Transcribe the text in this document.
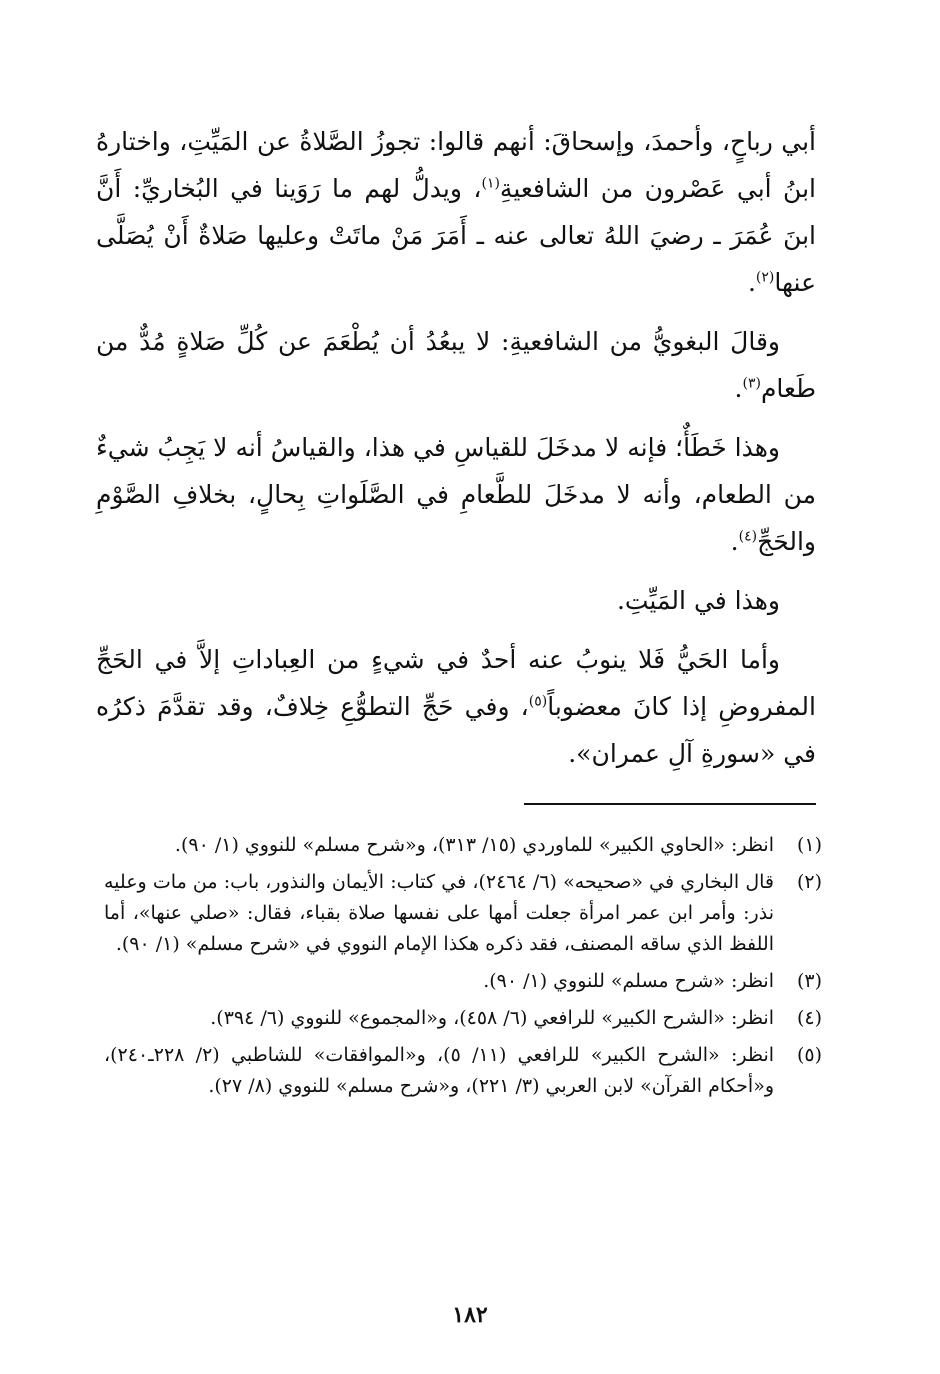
أبي رباحٍ، وأحمدَ، وإسحاقَ: أنهم قالوا: تجوزُ الصَّلاةُ عن المَيِّتِ، واختارهُ ابنُ أبي عَصْرون من الشافعيةِ$^{(١)}$، ويدلُّ لهم ما رَوَينا في البُخاريِّ: أَنَّ ابنَ عُمَرَ ـ رضيَ اللهُ تعالى عنه ـ أَمَرَ مَنْ ماتَتْ وعليها صَلاةٌ أَنْ يُصَلَّى عنها$^{(٢)}$.

وقالَ البغويُّ من الشافعيةِ: لا يبعُدُ أن يُطْعَمَ عن كُلِّ صَلاةٍ مُدٌّ من طَعام$^{(٣)}$.

وهذا خَطَأٌ؛ فإنه لا مدخَلَ للقياسِ في هذا، والقياسُ أنه لا يَجِبُ شيءٌ من الطعام، وأنه لا مدخَلَ للطَّعامِ في الصَّلَواتِ بِحالٍ، بخلافِ الصَّوْمِ والحَجِّ$^{(٤)}$.

وهذا في المَيِّتِ.

وأما الحَيُّ فَلا ينوبُ عنه أحدٌ في شيءٍ من العِباداتِ إلاَّ في الحَجِّ المفروضِ إذا كانَ معضوباً$^{(٥)}$، وفي حَجِّ التطوُّعِ خِلافٌ، وقد تقدَّمَ ذكرُه في «سورةِ آلِ عمران».

(١)
انظر: «الحاوي الكبير» للماوردي (١٥/ ٣١٣)، و«شرح مسلم» للنووي (١/ ٩٠).
(٢)
قال البخاري في «صحيحه» (٦/ ٢٤٦٤)، في كتاب: الأيمان والنذور، باب: من مات وعليه نذر: وأمر ابن عمر امرأة جعلت أمها على نفسها صلاة بقباء، فقال: «صلي عنها»، أما اللفظ الذي ساقه المصنف، فقد ذكره هكذا الإمام النووي في «شرح مسلم» (١/ ٩٠).
(٣)
انظر: «شرح مسلم» للنووي (١/ ٩٠).
(٤)
انظر: «الشرح الكبير» للرافعي (٦/ ٤٥٨)، و«المجموع» للنووي (٦/ ٣٩٤).
(٥)
انظر: «الشرح الكبير» للرافعي (١١/ ٥)، و«الموافقات» للشاطبي (٢/ ٢٢٨ـ٢٤٠)، و«أحكام القرآن» لابن العربي (٣/ ٢٢١)، و«شرح مسلم» للنووي (٨/ ٢٧).
١٨٢
